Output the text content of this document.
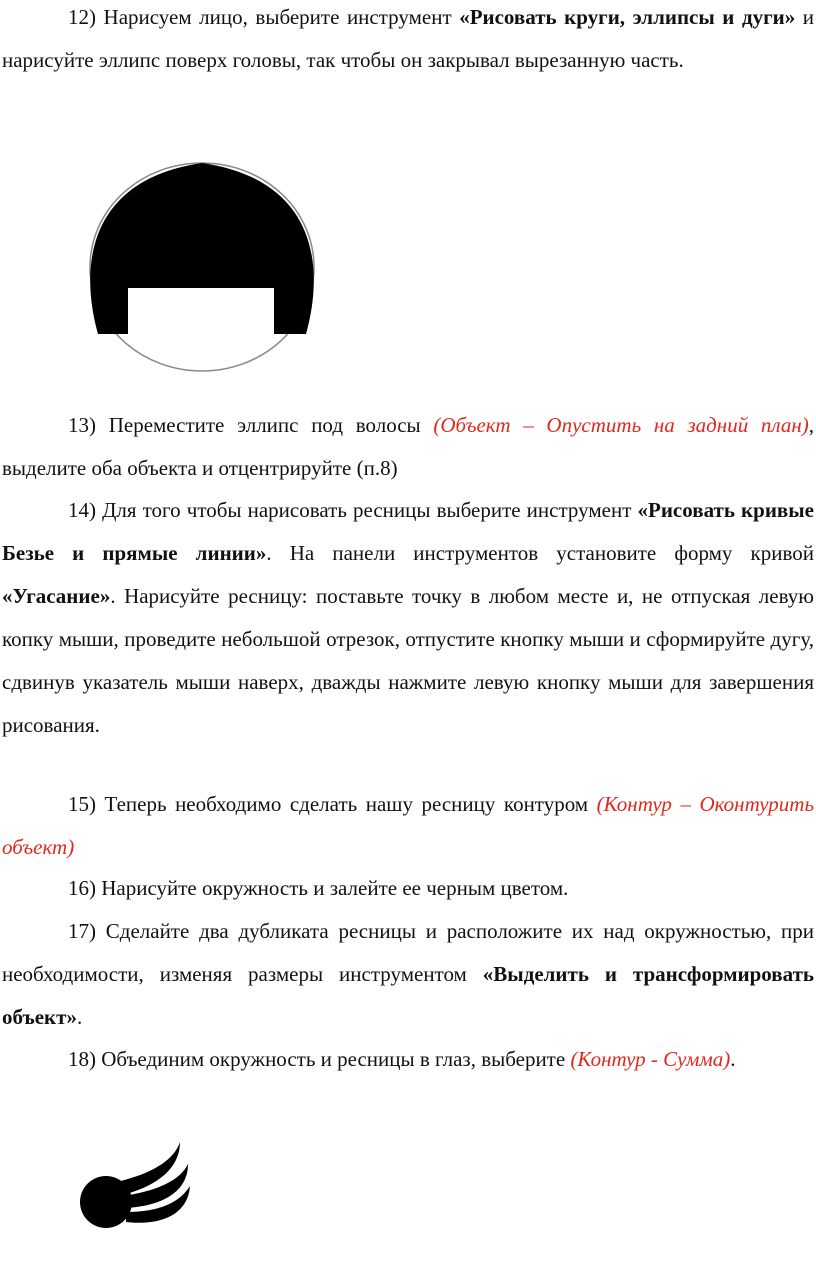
12) Нарисуем лицо, выберите инструмент «Рисовать круги, эллипсы и дуги» и нарисуйте эллипс поверх головы, так чтобы он закрывал вырезанную часть.

13) Переместите эллипс под волосы (Объект – Опустить на задний план), выделите оба объекта и отцентрируйте (п.8)

14) Для того чтобы нарисовать ресницы выберите инструмент «Рисовать кривые Безье и прямые линии». На панели инструментов установите форму кривой «Угасание». Нарисуйте ресницу: поставьте точку в любом месте и, не отпуская левую копку мыши, проведите небольшой отрезок, отпустите кнопку мыши и сформируйте дугу, сдвинув указатель мыши наверх, дважды нажмите левую кнопку мыши для завершения рисования.

15) Теперь необходимо сделать нашу ресницу контуром (Контур – Оконтурить объект)

16) Нарисуйте окружность и залейте ее черным цветом.

17) Сделайте два дубликата ресницы и расположите их над окружностью, при необходимости, изменяя размеры инструментом «Выделить и трансформировать объект».

18) Объединим окружность и ресницы в глаз, выберите (Контур - Сумма).
